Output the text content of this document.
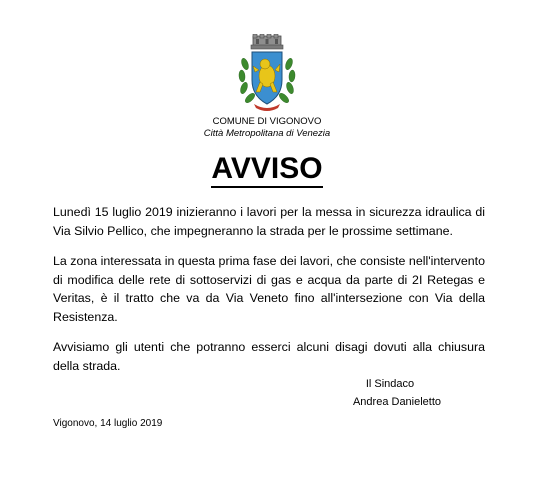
COMUNE DI VIGONOVO
Città Metropolitana di Venezia
AVVISO

Lunedì 15 luglio 2019 inizieranno i lavori per la messa in sicurezza idraulica di Via Silvio Pellico, che impegneranno la strada per le prossime settimane.

La zona interessata in questa prima fase dei lavori, che consiste nell'intervento di modifica delle rete di sottoservizi di gas e acqua da parte di 2I Retegas e Veritas, è il tratto che va da Via Veneto fino all'intersezione con Via della Resistenza.

Avvisiamo gli utenti che potranno esserci alcuni disagi dovuti alla chiusura della strada.

Il Sindaco
Andrea Danieletto
Vigonovo, 14 luglio 2019
